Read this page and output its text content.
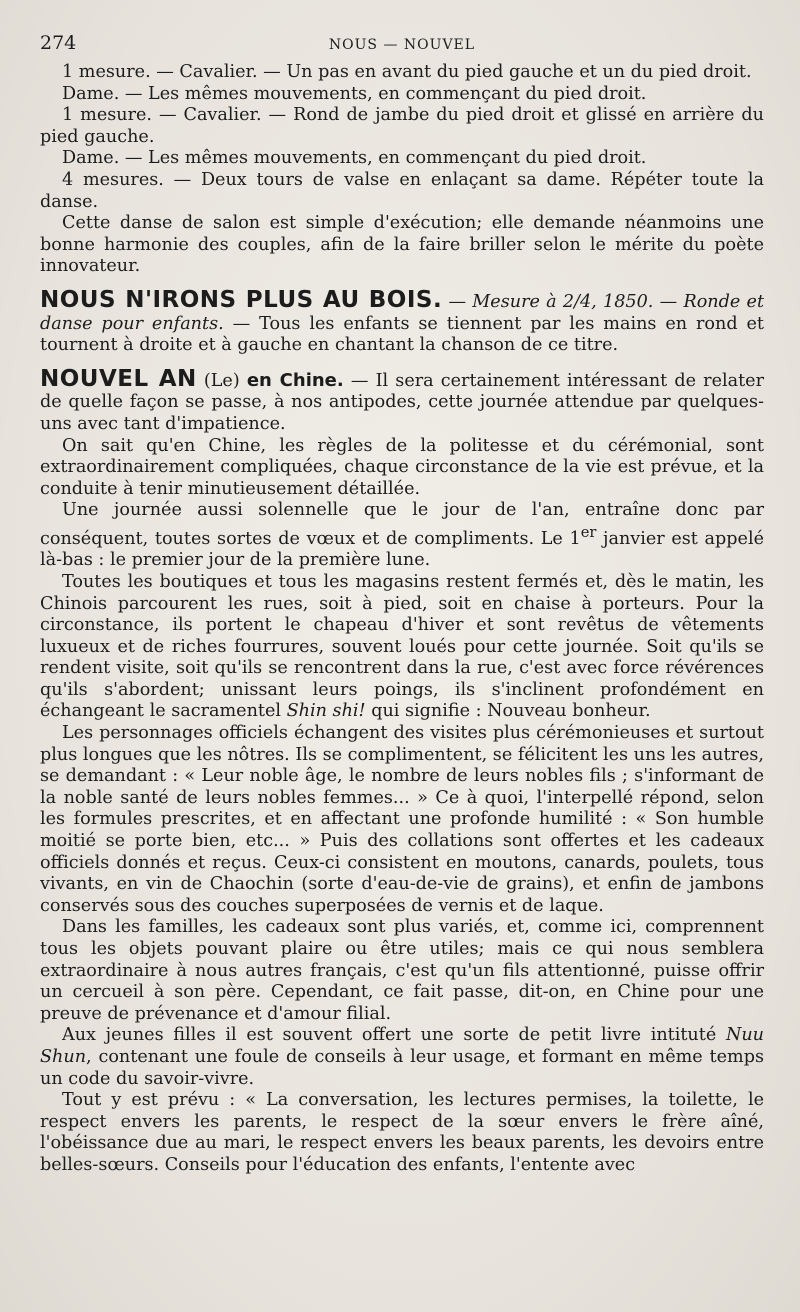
274	NOUS — NOUVEL

1 mesure. — Cavalier. — Un pas en avant du pied gauche et un du pied droit.

Dame. — Les mêmes mouvements, en commençant du pied droit.

1 mesure. — Cavalier. — Rond de jambe du pied droit et glissé en arrière du pied gauche.

Dame. — Les mêmes mouvements, en commençant du pied droit.

4 mesures. — Deux tours de valse en enlaçant sa dame. Répéter toute la danse.

Cette danse de salon est simple d'exécution; elle demande néanmoins une bonne harmonie des couples, afin de la faire briller selon le mérite du poète innovateur.

NOUS N'IRONS PLUS AU BOIS. — Mesure à 2/4, 1850. — Ronde et danse pour enfants. — Tous les enfants se tiennent par les mains en rond et tournent à droite et à gauche en chantant la chanson de ce titre.

NOUVEL AN (Le) en Chine. — Il sera certainement intéressant de relater de quelle façon se passe, à nos antipodes, cette journée attendue par quelques-uns avec tant d'impatience.

On sait qu'en Chine, les règles de la politesse et du cérémonial, sont extraordinairement compliquées, chaque circonstance de la vie est prévue, et la conduite à tenir minutieusement détaillée.

Une journée aussi solennelle que le jour de l'an, entraîne donc par conséquent, toutes sortes de vœux et de compliments. Le 1er janvier est appelé là-bas : le premier jour de la première lune.

Toutes les boutiques et tous les magasins restent fermés et, dès le matin, les Chinois parcourent les rues, soit à pied, soit en chaise à porteurs. Pour la circonstance, ils portent le chapeau d'hiver et sont revêtus de vêtements luxueux et de riches fourrures, souvent loués pour cette journée. Soit qu'ils se rendent visite, soit qu'ils se rencontrent dans la rue, c'est avec force révérences qu'ils s'abordent; unissant leurs poings, ils s'inclinent profondément en échangeant le sacramentel Shin shi! qui signifie : Nouveau bonheur.

Les personnages officiels échangent des visites plus cérémonieuses et surtout plus longues que les nôtres. Ils se complimentent, se félicitent les uns les autres, se demandant : « Leur noble âge, le nombre de leurs nobles fils ; s'informant de la noble santé de leurs nobles femmes... » Ce à quoi, l'interpellé répond, selon les formules prescrites, et en affectant une profonde humilité : « Son humble moitié se porte bien, etc... » Puis des collations sont offertes et les cadeaux officiels donnés et reçus. Ceux-ci consistent en moutons, canards, poulets, tous vivants, en vin de Chaochin (sorte d'eau-de-vie de grains), et enfin de jambons conservés sous des couches superposées de vernis et de laque.

Dans les familles, les cadeaux sont plus variés, et, comme ici, comprennent tous les objets pouvant plaire ou être utiles; mais ce qui nous semblera extraordinaire à nous autres français, c'est qu'un fils attentionné, puisse offrir un cercueil à son père. Cependant, ce fait passe, dit-on, en Chine pour une preuve de prévenance et d'amour filial.

Aux jeunes filles il est souvent offert une sorte de petit livre intituté Nuu Shun, contenant une foule de conseils à leur usage, et formant en même temps un code du savoir-vivre.

Tout y est prévu : « La conversation, les lectures permises, la toilette, le respect envers les parents, le respect de la sœur envers le frère aîné, l'obéissance due au mari, le respect envers les beaux parents, les devoirs entre belles-sœurs. Conseils pour l'éducation des enfants, l'entente avec
